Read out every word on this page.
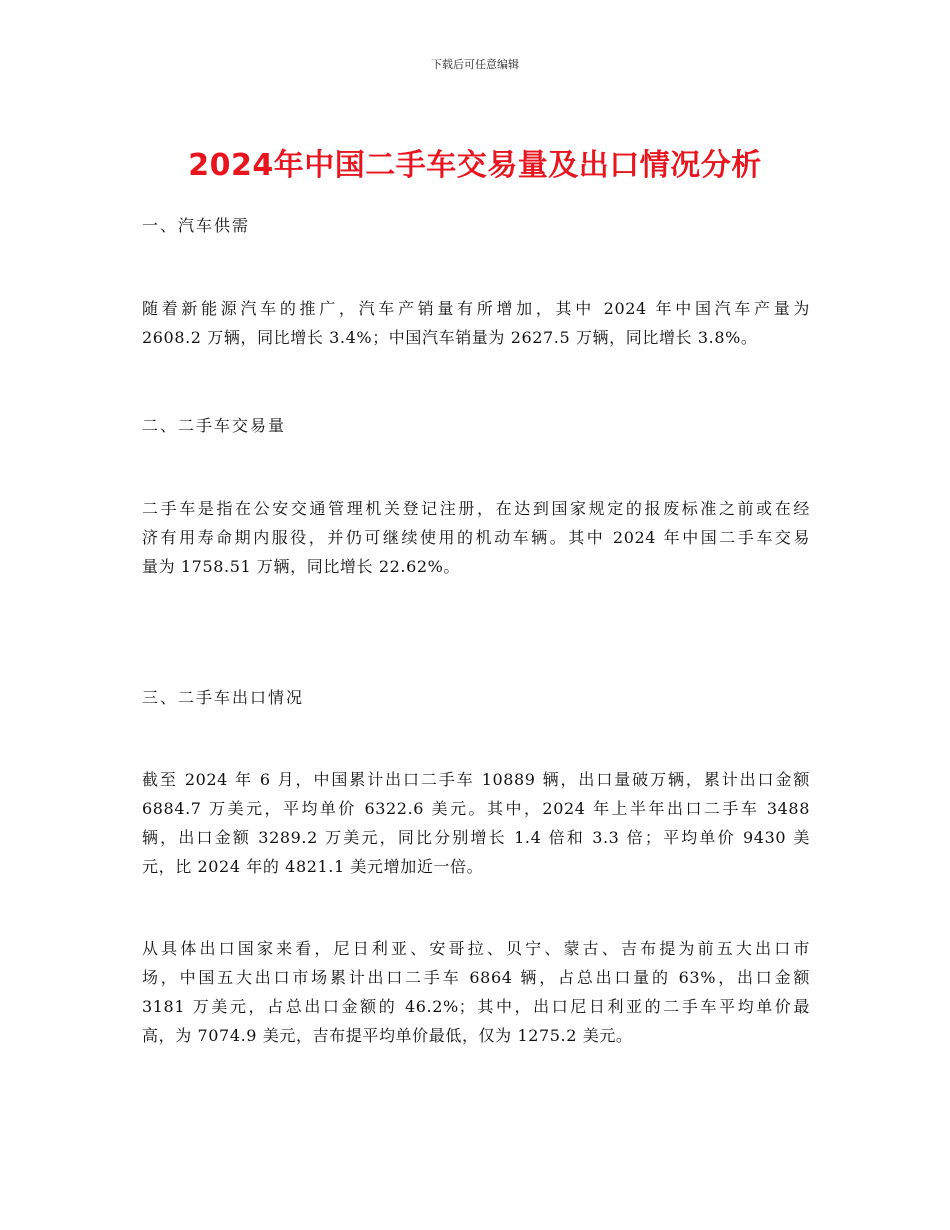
下载后可任意编辑
2024年中国二手车交易量及出口情况分析
一、汽车供需
随着新能源汽车的推广，汽车产销量有所增加，其中 2024 年中国汽车产量为
2608.2 万辆，同比增长 3.4%；中国汽车销量为 2627.5 万辆，同比增长 3.8%。
二、二手车交易量
二手车是指在公安交通管理机关登记注册，在达到国家规定的报废标准之前或在经
济有用寿命期内服役，并仍可继续使用的机动车辆。其中 2024 年中国二手车交易
量为 1758.51 万辆，同比增长 22.62%。
三、二手车出口情况
截至 2024 年 6 月，中国累计出口二手车 10889 辆，出口量破万辆，累计出口金额
6884.7 万美元，平均单价 6322.6 美元。其中，2024 年上半年出口二手车 3488
辆，出口金额 3289.2 万美元，同比分别增长 1.4 倍和 3.3 倍；平均单价 9430 美
元，比 2024 年的 4821.1 美元增加近一倍。
从具体出口国家来看，尼日利亚、安哥拉、贝宁、蒙古、吉布提为前五大出口市
场，中国五大出口市场累计出口二手车 6864 辆，占总出口量的 63%，出口金额
3181 万美元，占总出口金额的 46.2%；其中，出口尼日利亚的二手车平均单价最
高，为 7074.9 美元，吉布提平均单价最低，仅为 1275.2 美元。
